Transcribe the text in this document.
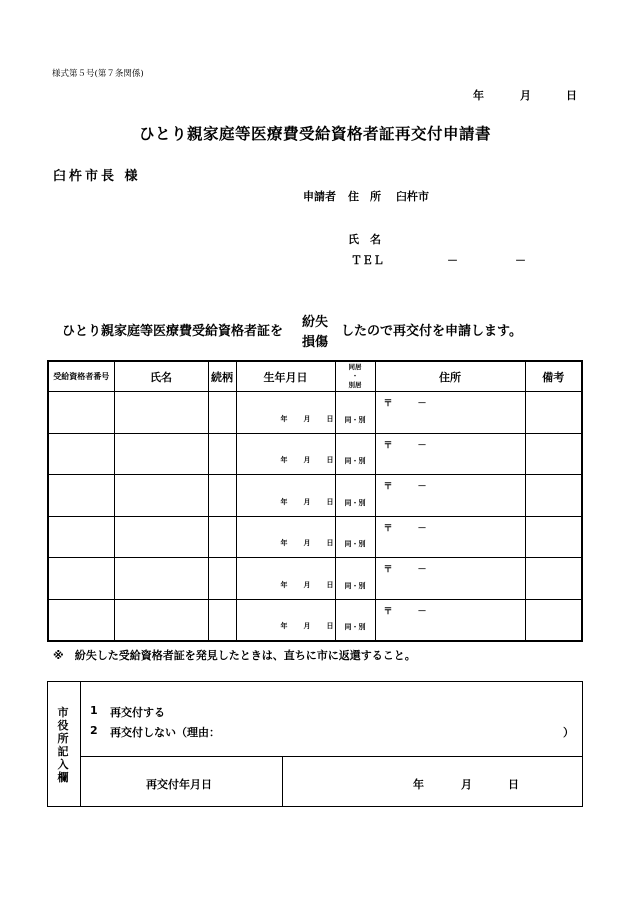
様式第５号(第７条関係)
年	月	日
ひとり親家庭等医療費受給資格者証再交付申請書
臼杵市長 様
申請者 住　所 臼杵市
氏　名
ＴＥＬ	－	－
ひとり親家庭等医療費受給資格者証を
紛失
損傷
したので再交付を申請します。
受給資格者番号	氏名	続柄	生年月日	同居
・
別居	住所	備考

			年 月 日	同・別	〒 －	

			年 月 日	同・別	〒 －	

			年 月 日	同・別	〒 －	

			年 月 日	同・別	〒 －	

			年 月 日	同・別	〒 －	

			年 月 日	同・別	〒 －	

※　紛失した受給資格者証を発見したときは、直ちに市に返還すること。
市役所記入欄
1 再交付する
2 再交付しない（理由：	）
再交付年月日	年	月	日
